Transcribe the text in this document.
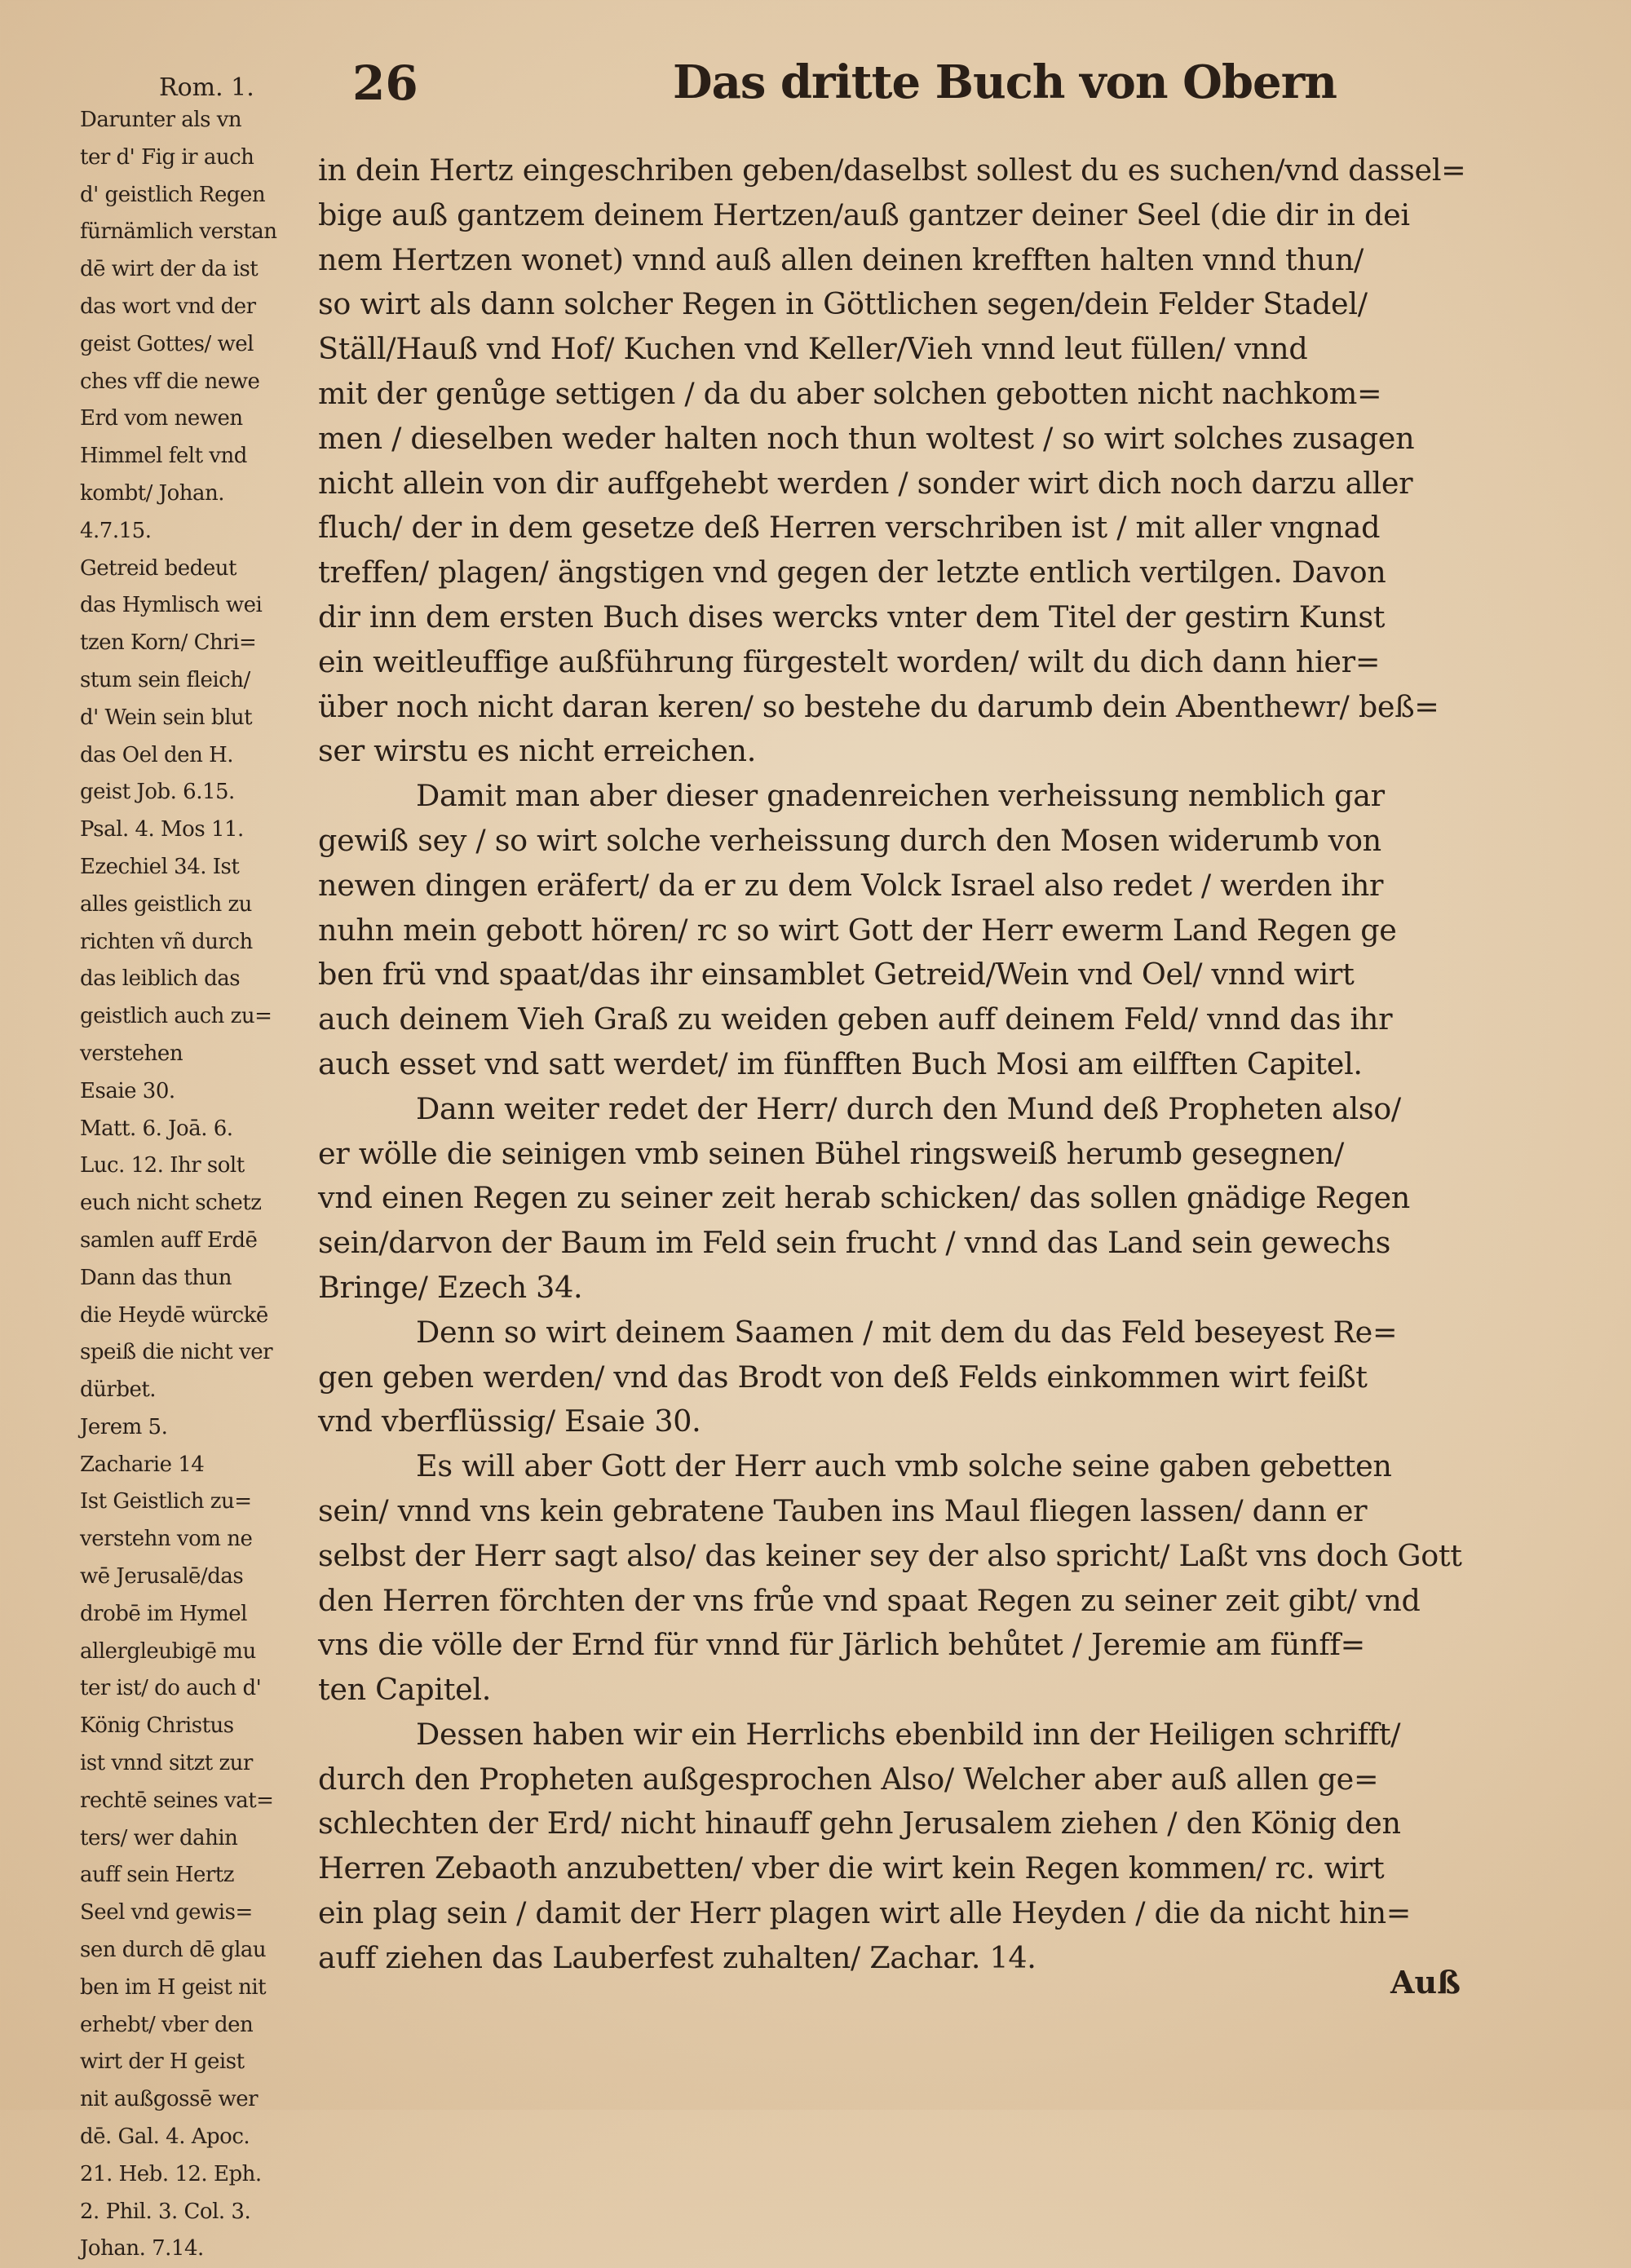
26	Das dritte Buch von Obern
Rom. 1.
Darunter als vn
ter d' Fig ir auch
d' geistlich Regen
fürnämlich verstan
dē wirt der da ist
das wort vnd der
geist Gottes/ wel
ches vff die newe
Erd vom newen
Himmel felt vnd
kombt/ Johan.
4.7.15.
Getreid bedeut
das Hymlisch wei
tzen Korn/ Chri=
stum sein fleich/
d' Wein sein blut
das Oel den H.
geist Job. 6.15.
Psal. 4. Mos 11.
Ezechiel 34. Ist
alles geistlich zu
richten vñ durch
das leiblich das
geistlich auch zu=
verstehen
Esaie 30.
Matt. 6. Joā. 6.
Luc. 12. Ihr solt
euch nicht schetz
samlen auff Erdē
Dann das thun
die Heydē würckē
speiß die nicht ver
dürbet.
Jerem 5.
Zacharie 14
Ist Geistlich zu=
verstehn vom ne
wē Jerusalē/das
drobē im Hymel
allergleubigē mu
ter ist/ do auch d'
König Christus
ist vnnd sitzt zur
rechtē seines vat=
ters/ wer dahin
auff sein Hertz
Seel vnd gewis=
sen durch dē glau
ben im H geist nit
erhebt/ vber den
wirt der H geist
nit außgossē wer
dē. Gal. 4. Apoc.
21. Heb. 12. Eph.
2. Phil. 3. Col. 3.
Johan. 7.14.
in dein Hertz eingeschriben geben/daselbst sollest du es suchen/vnd dassel=
bige auß gantzem deinem Hertzen/auß gantzer deiner Seel (die dir in dei
nem Hertzen wonet) vnnd auß allen deinen krefften halten vnnd thun/
so wirt als dann solcher Regen in Göttlichen segen/dein Felder Stadel/
Ställ/Hauß vnd Hof/ Kuchen vnd Keller/Vieh vnnd leut füllen/ vnnd
mit der genůge settigen / da du aber solchen gebotten nicht nachkom=
men / dieselben weder halten noch thun woltest / so wirt solches zusagen
nicht allein von dir auffgehebt werden / sonder wirt dich noch darzu aller
fluch/ der in dem gesetze deß Herren verschriben ist / mit aller vngnad
treffen/ plagen/ ängstigen vnd gegen der letzte entlich vertilgen. Davon
dir inn dem ersten Buch dises wercks vnter dem Titel der gestirn Kunst
ein weitleuffige außführung fürgestelt worden/ wilt du dich dann hier=
über noch nicht daran keren/ so bestehe du darumb dein Abenthewr/ beß=
ser wirstu es nicht erreichen.
Damit man aber dieser gnadenreichen verheissung nemblich gar
gewiß sey / so wirt solche verheissung durch den Mosen widerumb von
newen dingen eräfert/ da er zu dem Volck Israel also redet / werden ihr
nuhn mein gebott hören/ rc so wirt Gott der Herr ewerm Land Regen ge
ben frü vnd spaat/das ihr einsamblet Getreid/Wein vnd Oel/ vnnd wirt
auch deinem Vieh Graß zu weiden geben auff deinem Feld/ vnnd das ihr
auch esset vnd satt werdet/ im fünfften Buch Mosi am eilfften Capitel.
Dann weiter redet der Herr/ durch den Mund deß Propheten also/
er wölle die seinigen vmb seinen Bühel ringsweiß herumb gesegnen/
vnd einen Regen zu seiner zeit herab schicken/ das sollen gnädige Regen
sein/darvon der Baum im Feld sein frucht / vnnd das Land sein gewechs
Bringe/ Ezech 34.
Denn so wirt deinem Saamen / mit dem du das Feld beseyest Re=
gen geben werden/ vnd das Brodt von deß Felds einkommen wirt feißt
vnd vberflüssig/ Esaie 30.
Es will aber Gott der Herr auch vmb solche seine gaben gebetten
sein/ vnnd vns kein gebratene Tauben ins Maul fliegen lassen/ dann er
selbst der Herr sagt also/ das keiner sey der also spricht/ Laßt vns doch Gott
den Herren förchten der vns frůe vnd spaat Regen zu seiner zeit gibt/ vnd
vns die völle der Ernd für vnnd für Järlich behůtet / Jeremie am fünff=
ten Capitel.
Dessen haben wir ein Herrlichs ebenbild inn der Heiligen schrifft/
durch den Propheten außgesprochen Also/ Welcher aber auß allen ge=
schlechten der Erd/ nicht hinauff gehn Jerusalem ziehen / den König den
Herren Zebaoth anzubetten/ vber die wirt kein Regen kommen/ rc. wirt
ein plag sein / damit der Herr plagen wirt alle Heyden / die da nicht hin=
auff ziehen das Lauberfest zuhalten/ Zachar. 14.
Auß
